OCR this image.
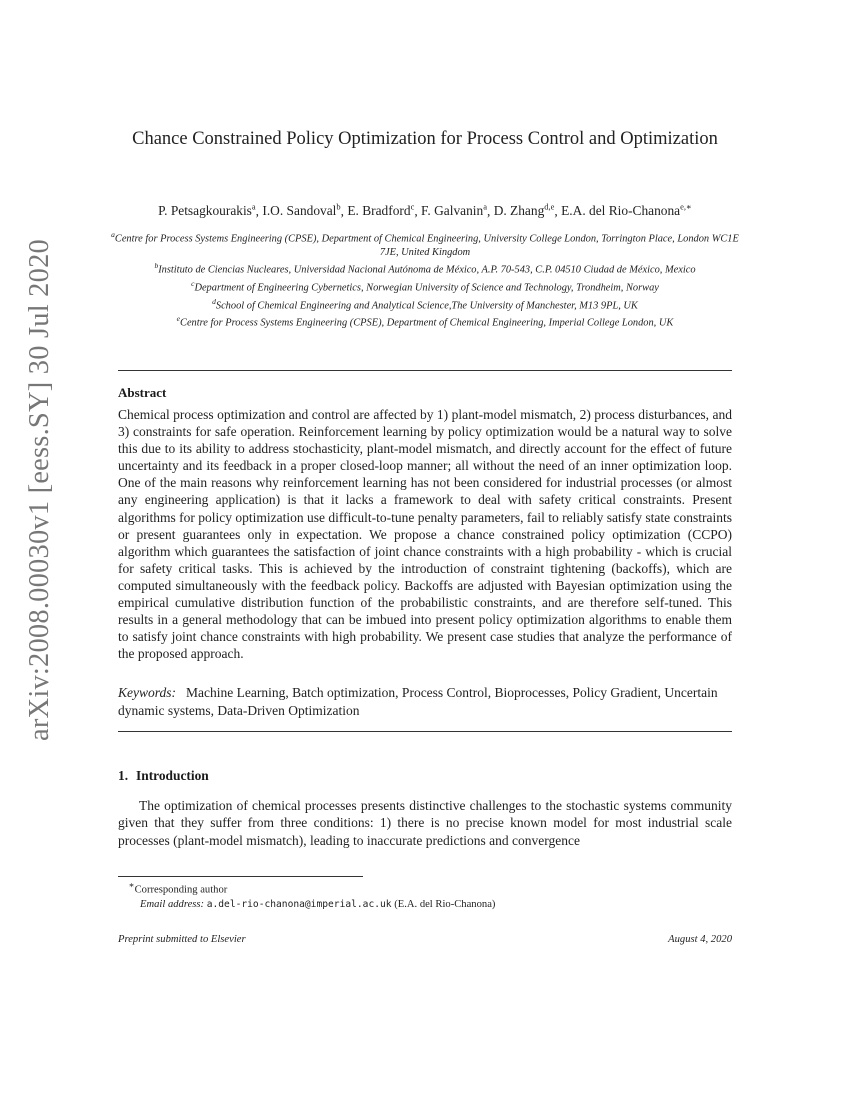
arXiv:2008.00030v1 [eess.SY] 30 Jul 2020
Chance Constrained Policy Optimization for Process Control and Optimization
P. Petsagkourakis$^a$, I.O. Sandoval$^b$, E. Bradford$^c$, F. Galvanin$^a$, D. Zhang$^{d,e}$, E.A. del Rio-Chanona$^{e,∗}$
$^a$Centre for Process Systems Engineering (CPSE), Department of Chemical Engineering, University College London, Torrington Place, London WC1E 7JE, United Kingdom
$^b$Instituto de Ciencias Nucleares, Universidad Nacional Autónoma de México, A.P. 70-543, C.P. 04510 Ciudad de México, Mexico
$^c$Department of Engineering Cybernetics, Norwegian University of Science and Technology, Trondheim, Norway
$^d$School of Chemical Engineering and Analytical Science,The University of Manchester, M13 9PL, UK
$^e$Centre for Process Systems Engineering (CPSE), Department of Chemical Engineering, Imperial College London, UK
Abstract
Chemical process optimization and control are affected by 1) plant-model mismatch, 2) process disturbances, and 3) constraints for safe operation. Reinforcement learning by policy optimization would be a natural way to solve this due to its ability to address stochasticity, plant-model mismatch, and directly account for the effect of future uncertainty and its feedback in a proper closed-loop manner; all without the need of an inner optimization loop. One of the main reasons why reinforcement learning has not been considered for industrial processes (or almost any engineering application) is that it lacks a framework to deal with safety critical constraints. Present algorithms for policy optimization use difficult-to-tune penalty parameters, fail to reliably satisfy state constraints or present guarantees only in expectation. We propose a chance constrained policy optimization (CCPO) algorithm which guarantees the satisfaction of joint chance constraints with a high probability - which is crucial for safety critical tasks. This is achieved by the introduction of constraint tightening (backoffs), which are computed simultaneously with the feedback policy. Backoffs are adjusted with Bayesian optimization using the empirical cumulative distribution function of the probabilistic constraints, and are therefore self-tuned. This results in a general methodology that can be imbued into present policy optimization algorithms to enable them to satisfy joint chance constraints with high probability. We present case studies that analyze the performance of the proposed approach.
Keywords: Machine Learning, Batch optimization, Process Control, Bioprocesses, Policy Gradient, Uncertain dynamic systems, Data-Driven Optimization
1. Introduction
The optimization of chemical processes presents distinctive challenges to the stochastic systems community given that they suffer from three conditions: 1) there is no precise known model for most industrial scale processes (plant-model mismatch), leading to inaccurate predictions and convergence
∗Corresponding author
Email address: a.del-rio-chanona@imperial.ac.uk (E.A. del Rio-Chanona)
Preprint submitted to Elsevier	August 4, 2020
